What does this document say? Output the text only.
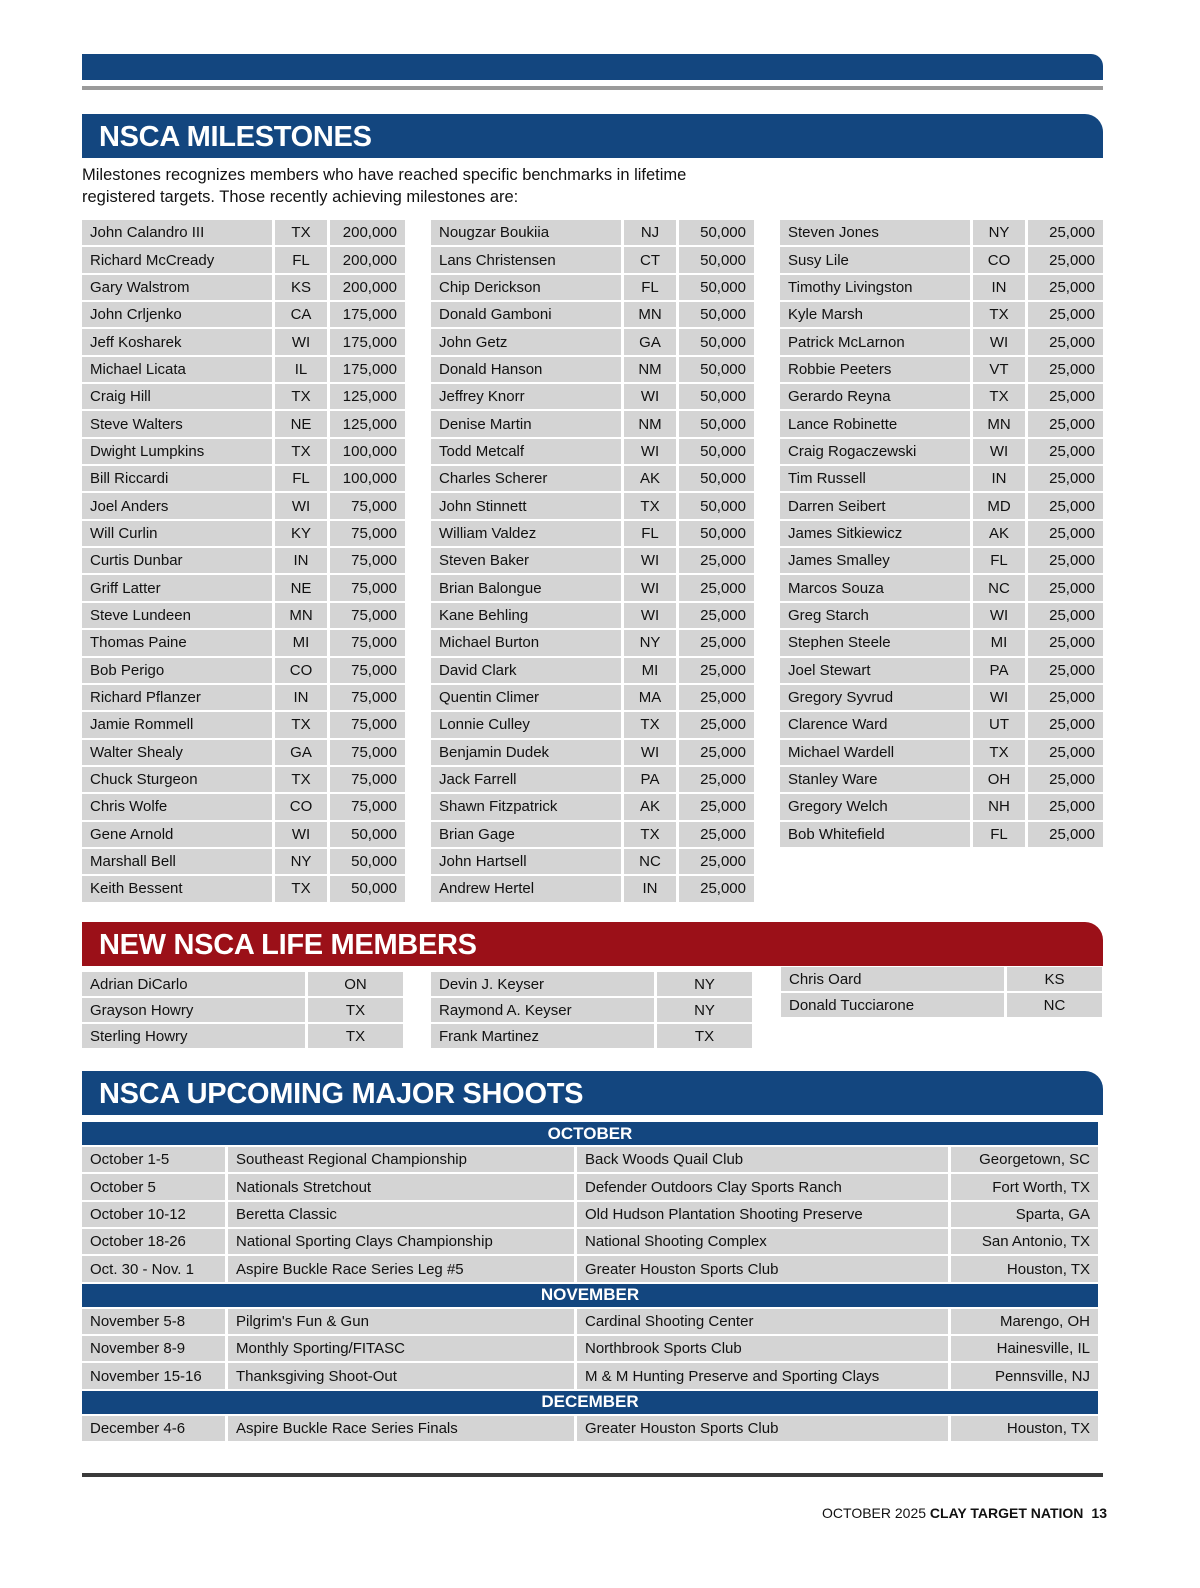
NSCA MILESTONES
Milestones recognizes members who have reached specific benchmarks in lifetime registered targets. Those recently achieving milestones are:
John Calandro III	TX	200,000
Richard McCready	FL	200,000
Gary Walstrom	KS	200,000
John Crljenko	CA	175,000
Jeff Kosharek	WI	175,000
Michael Licata	IL	175,000
Craig Hill	TX	125,000
Steve Walters	NE	125,000
Dwight Lumpkins	TX	100,000
Bill Riccardi	FL	100,000
Joel Anders	WI	75,000
Will Curlin	KY	75,000
Curtis Dunbar	IN	75,000
Griff Latter	NE	75,000
Steve Lundeen	MN	75,000
Thomas Paine	MI	75,000
Bob Perigo	CO	75,000
Richard Pflanzer	IN	75,000
Jamie Rommell	TX	75,000
Walter Shealy	GA	75,000
Chuck Sturgeon	TX	75,000
Chris Wolfe	CO	75,000
Gene Arnold	WI	50,000
Marshall Bell	NY	50,000
Keith Bessent	TX	50,000
Nougzar Boukiia	NJ	50,000
Lans Christensen	CT	50,000
Chip Derickson	FL	50,000
Donald Gamboni	MN	50,000
John Getz	GA	50,000
Donald Hanson	NM	50,000
Jeffrey Knorr	WI	50,000
Denise Martin	NM	50,000
Todd Metcalf	WI	50,000
Charles Scherer	AK	50,000
John Stinnett	TX	50,000
William Valdez	FL	50,000
Steven Baker	WI	25,000
Brian Balongue	WI	25,000
Kane Behling	WI	25,000
Michael Burton	NY	25,000
David Clark	MI	25,000
Quentin Climer	MA	25,000
Lonnie Culley	TX	25,000
Benjamin Dudek	WI	25,000
Jack Farrell	PA	25,000
Shawn Fitzpatrick	AK	25,000
Brian Gage	TX	25,000
John Hartsell	NC	25,000
Andrew Hertel	IN	25,000
Steven Jones	NY	25,000
Susy Lile	CO	25,000
Timothy Livingston	IN	25,000
Kyle Marsh	TX	25,000
Patrick McLarnon	WI	25,000
Robbie Peeters	VT	25,000
Gerardo Reyna	TX	25,000
Lance Robinette	MN	25,000
Craig Rogaczewski	WI	25,000
Tim Russell	IN	25,000
Darren Seibert	MD	25,000
James Sitkiewicz	AK	25,000
James Smalley	FL	25,000
Marcos Souza	NC	25,000
Greg Starch	WI	25,000
Stephen Steele	MI	25,000
Joel Stewart	PA	25,000
Gregory Syvrud	WI	25,000
Clarence Ward	UT	25,000
Michael Wardell	TX	25,000
Stanley Ware	OH	25,000
Gregory Welch	NH	25,000
Bob Whitefield	FL	25,000
NEW NSCA LIFE MEMBERS
Adrian DiCarlo	ON
Grayson Howry	TX
Sterling Howry	TX
Devin J. Keyser	NY
Raymond A. Keyser	NY
Frank Martinez	TX
Chris Oard	KS
Donald Tucciarone	NC
NSCA UPCOMING MAJOR SHOOTS
OCTOBER			
October 1-5	Southeast Regional Championship	Back Woods Quail Club	Georgetown, SC
October 5	Nationals Stretchout	Defender Outdoors Clay Sports Ranch	Fort Worth, TX
October 10-12	Beretta Classic	Old Hudson Plantation Shooting Preserve	Sparta, GA
October 18-26	National Sporting Clays Championship	National Shooting Complex	San Antonio, TX
Oct. 30 - Nov. 1	Aspire Buckle Race Series Leg #5	Greater Houston Sports Club	Houston, TX
NOVEMBER			
November 5-8	Pilgrim's Fun & Gun	Cardinal Shooting Center	Marengo, OH
November 8-9	Monthly Sporting/FITASC	Northbrook Sports Club	Hainesville, IL
November 15-16	Thanksgiving Shoot-Out	M & M Hunting Preserve and Sporting Clays	Pennsville, NJ
DECEMBER			
December 4-6	Aspire Buckle Race Series Finals	Greater Houston Sports Club	Houston, TX
OCTOBER 2025 CLAY TARGET NATION 13
